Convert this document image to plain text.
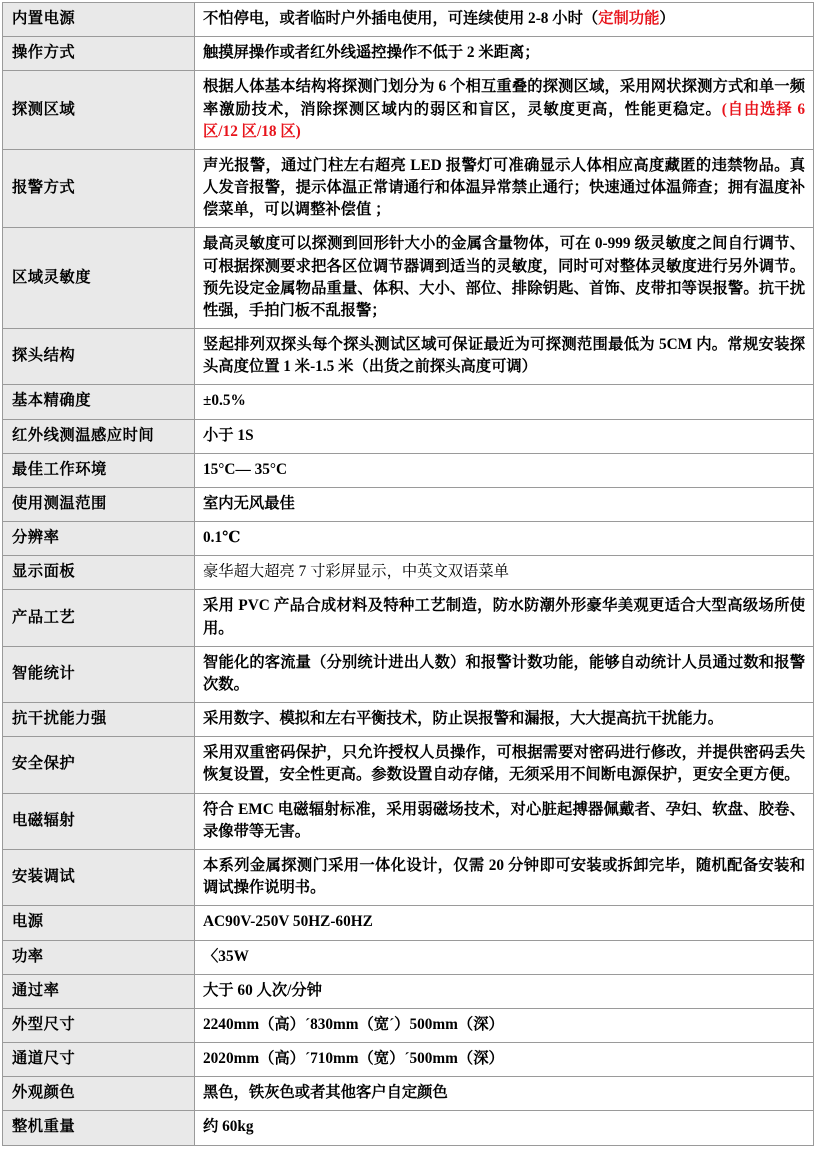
内置电源	不怕停电，或者临时户外插电使用，可连续使用 2-8 小时（定制功能）
操作方式	触摸屏操作或者红外线遥控操作不低于 2 米距离；
探测区域	根据人体基本结构将探测门划分为 6 个相互重叠的探测区域，采用网状探测方式和单一频率激励技术，消除探测区域内的弱区和盲区，灵敏度更高，性能更稳定。(自由选择 6 区/12 区/18 区)
报警方式	声光报警，通过门柱左右超亮 LED 报警灯可准确显示人体相应高度藏匿的违禁物品。真人发音报警，提示体温正常请通行和体温异常禁止通行；快速通过体温筛查；拥有温度补偿菜单，可以调整补偿值 ；
区域灵敏度	最高灵敏度可以探测到回形针大小的金属含量物体，可在 0-999 级灵敏度之间自行调节、可根据探测要求把各区位调节器调到适当的灵敏度，同时可对整体灵敏度进行另外调节。预先设定金属物品重量、体积、大小、部位、排除钥匙、首饰、皮带扣等误报警。抗干扰性强，手拍门板不乱报警；
探头结构	竖起排列双探头每个探头测试区域可保证最近为可探测范围最低为 5CM 内。常规安装探头高度位置 1 米-1.5 米（出货之前探头高度可调）
基本精确度	±0.5%
红外线测温感应时间	小于 1S
最佳工作环境	15°C— 35°C
使用测温范围	室内无风最佳
分辨率	0.1℃
显示面板	豪华超大超亮 7 寸彩屏显示，中英文双语菜单
产品工艺	采用 PVC 产品合成材料及特种工艺制造，防水防潮外形豪华美观更适合大型高级场所使用。
智能统计	智能化的客流量（分别统计进出人数）和报警计数功能，能够自动统计人员通过数和报警次数。
抗干扰能力强	采用数字、模拟和左右平衡技术，防止误报警和漏报，大大提高抗干扰能力。
安全保护	采用双重密码保护，只允许授权人员操作，可根据需要对密码进行修改，并提供密码丢失恢复设置，安全性更高。参数设置自动存储，无须采用不间断电源保护，更安全更方便。
电磁辐射	符合 EMC 电磁辐射标准，采用弱磁场技术，对心脏起搏器佩戴者、孕妇、软盘、胶卷、录像带等无害。
安装调试	本系列金属探测门采用一体化设计，仅需 20 分钟即可安装或拆卸完毕，随机配备安装和调试操作说明书。
电源	AC90V-250V 50HZ-60HZ
功率	〈35W
通过率	大于 60 人次/分钟
外型尺寸	2240mm（高）´830mm（宽´）500mm（深）
通道尺寸	2020mm（高）´710mm（宽）´500mm（深）
外观颜色	黑色，铁灰色或者其他客户自定颜色
整机重量	约 60kg
